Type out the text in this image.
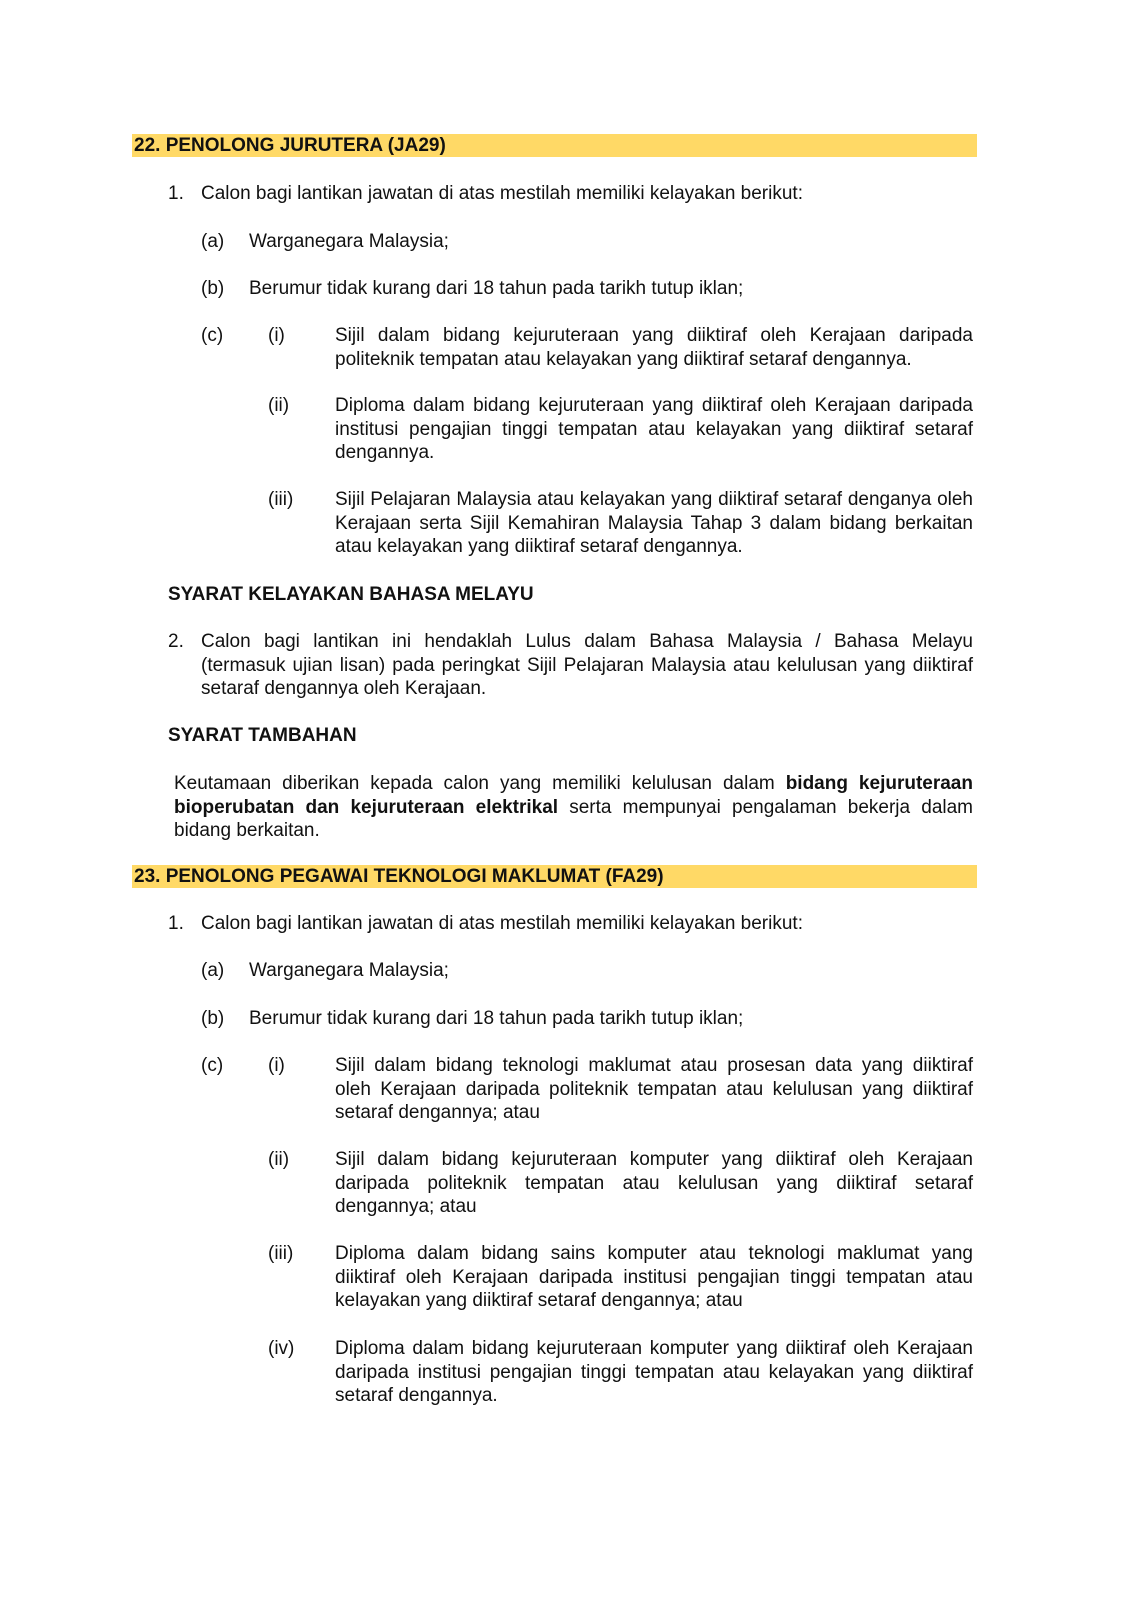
22. PENOLONG JURUTERA (JA29)
1. Calon bagi lantikan jawatan di atas mestilah memiliki kelayakan berikut:
(a) Warganegara Malaysia;
(b) Berumur tidak kurang dari 18 tahun pada tarikh tutup iklan;
(c) (i)	Sijil dalam bidang kejuruteraan yang diiktiraf oleh Kerajaan daripada politeknik tempatan atau kelayakan yang diiktiraf setaraf dengannya.
(ii) Diploma dalam bidang kejuruteraan yang diiktiraf oleh Kerajaan daripada institusi pengajian tinggi tempatan atau kelayakan yang diiktiraf setaraf dengannya.
(iii) Sijil Pelajaran Malaysia atau kelayakan yang diiktiraf setaraf denganya oleh Kerajaan serta Sijil Kemahiran Malaysia Tahap 3 dalam bidang berkaitan atau kelayakan yang diiktiraf setaraf dengannya.
SYARAT KELAYAKAN BAHASA MELAYU
2. Calon bagi lantikan ini hendaklah Lulus dalam Bahasa Malaysia / Bahasa Melayu (termasuk ujian lisan) pada peringkat Sijil Pelajaran Malaysia atau kelulusan yang diiktiraf setaraf dengannya oleh Kerajaan.
SYARAT TAMBAHAN
Keutamaan diberikan kepada calon yang memiliki kelulusan dalam bidang kejuruteraan bioperubatan dan kejuruteraan elektrikal serta mempunyai pengalaman bekerja dalam bidang berkaitan.
23. PENOLONG PEGAWAI TEKNOLOGI MAKLUMAT (FA29)
1. Calon bagi lantikan jawatan di atas mestilah memiliki kelayakan berikut:
(a) Warganegara Malaysia;
(b) Berumur tidak kurang dari 18 tahun pada tarikh tutup iklan;
(c) (i)	Sijil dalam bidang teknologi maklumat atau prosesan data yang diiktiraf oleh Kerajaan daripada politeknik tempatan atau kelulusan yang diiktiraf setaraf dengannya; atau
(ii) Sijil dalam bidang kejuruteraan komputer yang diiktiraf oleh Kerajaan daripada politeknik tempatan atau kelulusan yang diiktiraf setaraf dengannya; atau
(iii) Diploma dalam bidang sains komputer atau teknologi maklumat yang diiktiraf oleh Kerajaan daripada institusi pengajian tinggi tempatan atau kelayakan yang diiktiraf setaraf dengannya; atau
(iv) Diploma dalam bidang kejuruteraan komputer yang diiktiraf oleh Kerajaan daripada institusi pengajian tinggi tempatan atau kelayakan yang diiktiraf setaraf dengannya.
